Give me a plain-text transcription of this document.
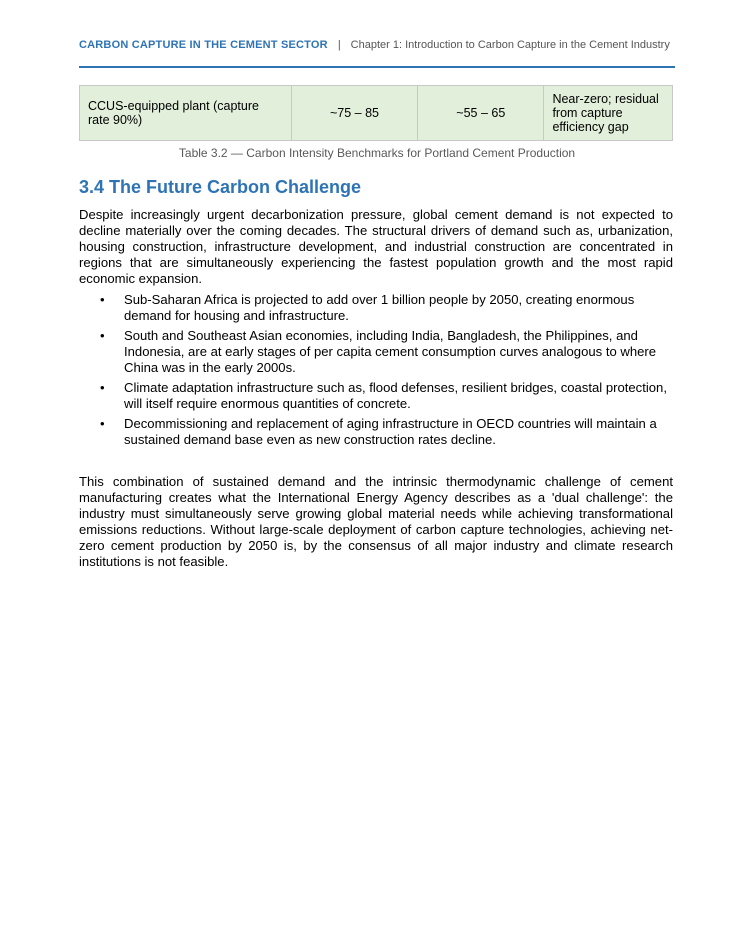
CARBON CAPTURE IN THE CEMENT SECTOR | Chapter 1: Introduction to Carbon Capture in the Cement Industry
CCUS-equipped plant (capture rate 90%)	~75 – 85	~55 – 65	Near-zero; residual from capture efficiency gap
Table 3.2 — Carbon Intensity Benchmarks for Portland Cement Production
3.4 The Future Carbon Challenge

Despite increasingly urgent decarbonization pressure, global cement demand is not expected to decline materially over the coming decades. The structural drivers of demand such as, urbanization, housing construction, infrastructure development, and industrial construction are concentrated in regions that are simultaneously experiencing the fastest population growth and the most rapid economic expansion.

• Sub-Saharan Africa is projected to add over 1 billion people by 2050, creating enormous demand for housing and infrastructure.
• South and Southeast Asian economies, including India, Bangladesh, the Philippines, and Indonesia, are at early stages of per capita cement consumption curves analogous to where China was in the early 2000s.
• Climate adaptation infrastructure such as, flood defenses, resilient bridges, coastal protection, will itself require enormous quantities of concrete.
• Decommissioning and replacement of aging infrastructure in OECD countries will maintain a sustained demand base even as new construction rates decline.

This combination of sustained demand and the intrinsic thermodynamic challenge of cement manufacturing creates what the International Energy Agency describes as a 'dual challenge': the industry must simultaneously serve growing global material needs while achieving transformational emissions reductions. Without large-scale deployment of carbon capture technologies, achieving net-zero cement production by 2050 is, by the consensus of all major industry and climate research institutions is not feasible.
